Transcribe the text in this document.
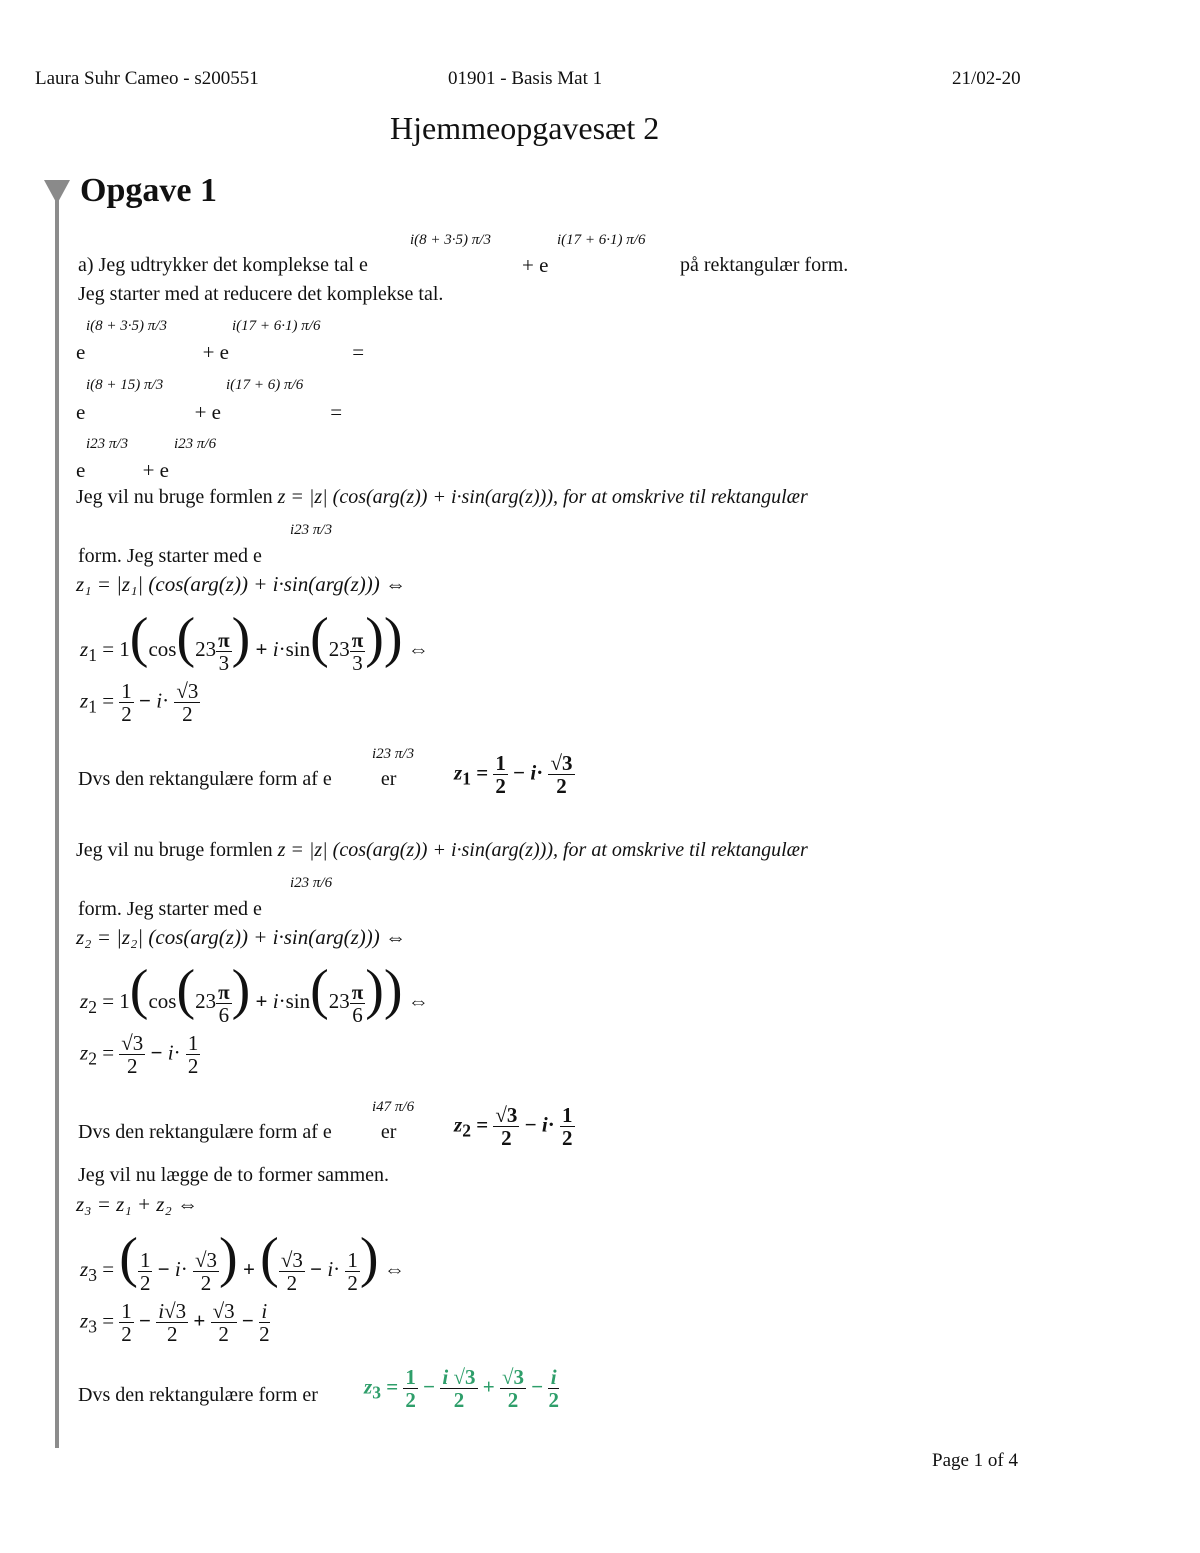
Laura Suhr Cameo - s200551	01901 - Basis Mat 1	21/02-20
Hjemmeopgavesæt 2
Opgave 1
a) Jeg udtrykker det komplekse tal e
i(8 + 3·5) π/3
+ e
i(17 + 6·1) π/6
på rektangulær form.
Jeg starter med at reducere det komplekse tal.
i(8 + 3·5) π/3
e	+ e	=
i(17 + 6·1) π/6
i(8 + 15) π/3
e	+ e	=
i(17 + 6) π/6
i23 π/3
e	+ e
i23 π/6
Jeg vil nu bruge formlen z = |z| (cos(arg(z)) + i·sin(arg(z))), for at omskrive til rektangulær
form. Jeg starter med e
i23 π/3
z₁ = |z₁| (cos(arg(z)) + i·sin(arg(z))) ⇔
$z_1 = 1(\cos(23 \frac{\pi}{3}$ ) + $i\cdot\sin(23 \frac{\pi}{3}$ )) ⇔
$z_1 = \frac{1}{2} - i\cdot \frac{√3}{2}$
Dvs den rektangulære form af e er
i23 π/3
$z_1 = \frac{1}{2} - i\cdot \frac{√3}{2}$
Jeg vil nu bruge formlen z = |z| (cos(arg(z)) + i·sin(arg(z))), for at omskrive til rektangulær
form. Jeg starter med e
i23 π/6
z₂ = |z₂| (cos(arg(z)) + i·sin(arg(z))) ⇔
$z_2 = 1(\cos(23 \frac{\pi}{6}$ ) + $i\cdot\sin(23 \frac{\pi}{6}$ )) ⇔
$z_2 = \frac{√3}{2} - i\cdot \frac{1}{2}$
Dvs den rektangulære form af e er
i47 π/6
$z_2 = \frac{√3}{2} - i\cdot \frac{1}{2}$
Jeg vil nu lægge de to former sammen.
z₃ = z₁ + z₂ ⇔
$z_3$ = ( $\frac{1}{2} - i\cdot \frac{√3}{2}$ ) + ( $\frac{√3}{2} - i\cdot \frac{1}{2}$ ) ⇔
$z_3 = \frac{1}{2} - \frac{i√3}{2} + \frac{√3}{2} - \frac{i}{2}$
Dvs den rektangulære form er $z_3 = \frac{1}{2} - \frac{i √3}{2} + \frac{√3}{2} - \frac{i}{2}$
Page 1 of 4
